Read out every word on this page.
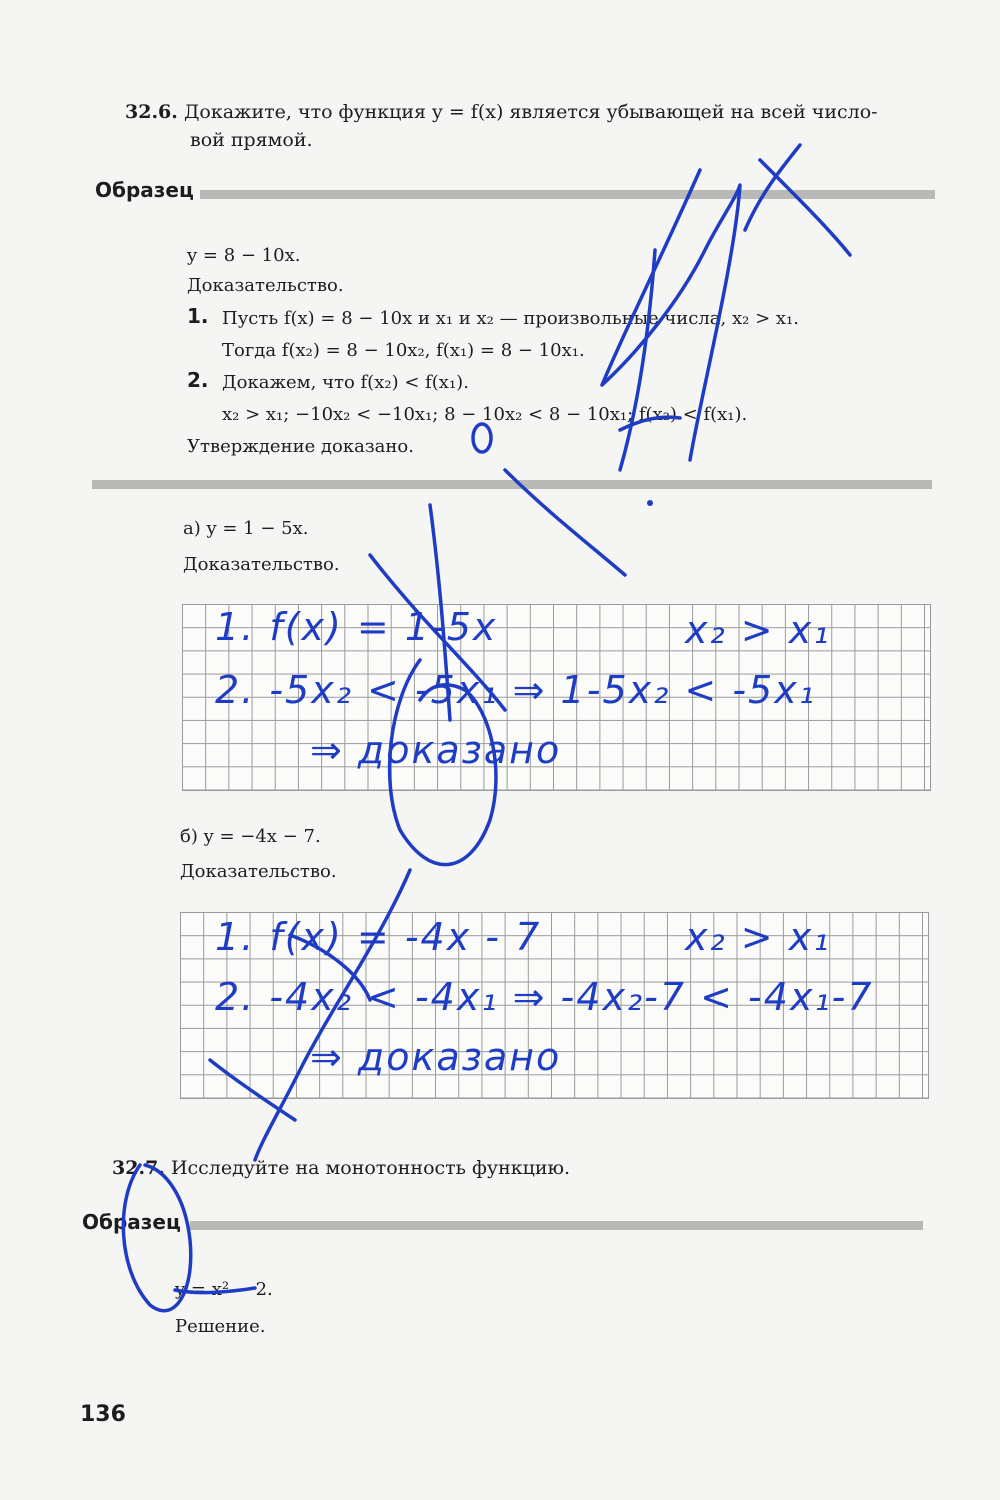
32.6. Докажите, что функция y = f(x) является убывающей на всей число-
вой прямой.
Образец
y = 8 − 10x.
Доказательство.
1. Пусть f(x) = 8 − 10x и x₁ и x₂ — произвольные числа, x₂ > x₁.
Тогда f(x₂) = 8 − 10x₂, f(x₁) = 8 − 10x₁.
2. Докажем, что f(x₂) < f(x₁).
x₂ > x₁; −10x₂ < −10x₁; 8 − 10x₂ < 8 − 10x₁; f(x₂) < f(x₁).
Утверждение доказано.
а) y = 1 − 5x.
Доказательство.
1. f(x) = 1-5x	x₂ > x₁
2. -5x₂ < -5x₁ ⇒ 1-5x₂ < -5x₁
⇒ доказано
б) y = −4x − 7.
Доказательство.
1. f(x) = -4x - 7	x₂ > x₁
2. -4x₂ < -4x₁ ⇒ -4x₂-7 < -4x₁-7
⇒ доказано
32.7. Исследуйте на монотонность функцию.
Образец
y = x² − 2.
Решение.
136
